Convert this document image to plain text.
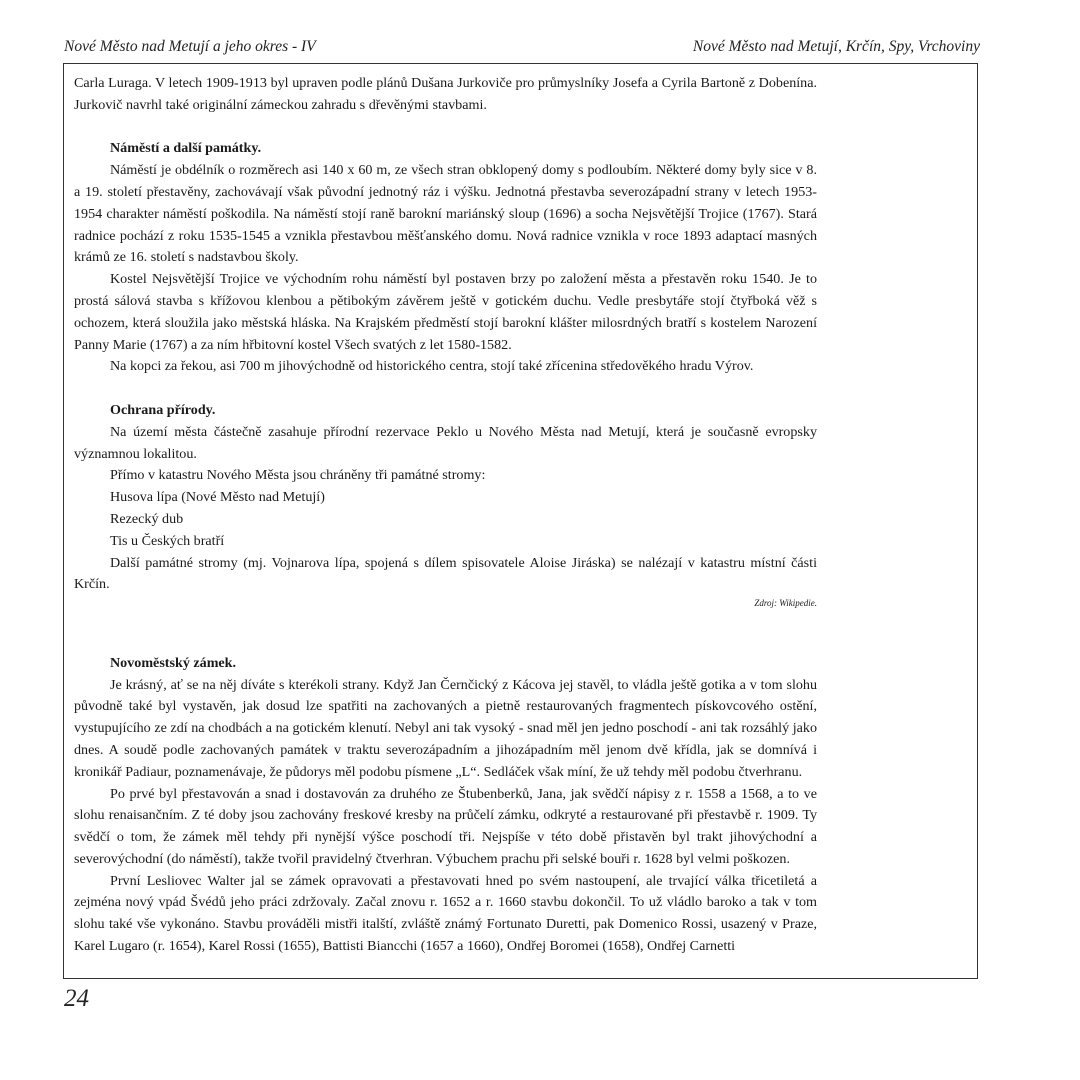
Nové Město nad Metují a jeho okres - IV	Nové Město nad Metují, Krčín, Spy, Vrchoviny

Carla Luraga. V letech 1909-1913 byl upraven podle plánů Dušana Jurkoviče pro průmyslníky Josefa a Cyrila Bartoně z Dobenína. Jurkovič navrhl také originální zámeckou zahradu s dřevěnými stavbami.

Náměstí a další památky.

Náměstí je obdélník o rozměrech asi 140 x 60 m, ze všech stran obklopený domy s podloubím. Některé domy byly sice v 8. a 19. století přestavěny, zachovávají však původní jednotný ráz i výšku. Jednotná přestavba severozápadní strany v letech 1953-1954 charakter náměstí poškodila. Na náměstí stojí raně barokní mariánský sloup (1696) a socha Nejsvětější Trojice (1767). Stará radnice pochází z roku 1535-1545 a vznikla přestavbou měšťanského domu. Nová radnice vznikla v roce 1893 adaptací masných krámů ze 16. století s nadstavbou školy.

Kostel Nejsvětější Trojice ve východním rohu náměstí byl postaven brzy po založení města a přestavěn roku 1540. Je to prostá sálová stavba s křížovou klenbou a pětibokým závěrem ještě v gotickém duchu. Vedle presbytáře stojí čtyřboká věž s ochozem, která sloužila jako městská hláska. Na Krajském předměstí stojí barokní klášter milosrdných bratří s kostelem Narození Panny Marie (1767) a za ním hřbitovní kostel Všech svatých z let 1580-1582.

Na kopci za řekou, asi 700 m jihovýchodně od historického centra, stojí také zřícenina středověkého hradu Výrov.

Ochrana přírody.

Na území města částečně zasahuje přírodní rezervace Peklo u Nového Města nad Metují, která je současně evropsky významnou lokalitou.

Přímo v katastru Nového Města jsou chráněny tři památné stromy:

Husova lípa (Nové Město nad Metují)

Rezecký dub

Tis u Českých bratří

Další památné stromy (mj. Vojnarova lípa, spojená s dílem spisovatele Aloise Jiráska) se nalézají v katastru místní části Krčín.

Zdroj: Wikipedie.
Novoměstský zámek.

Je krásný, ať se na něj díváte s kterékoli strany. Když Jan Černčický z Kácova jej stavěl, to vládla ještě gotika a v tom slohu původně také byl vystavěn, jak dosud lze spatřiti na zachovaných a pietně restaurovaných fragmentech pískovcového ostění, vystupujícího ze zdí na chodbách a na gotickém klenutí. Nebyl ani tak vysoký - snad měl jen jedno poschodí - ani tak rozsáhlý jako dnes. A soudě podle zachovaných památek v traktu severozápadním a jihozápadním měl jenom dvě křídla, jak se domnívá i kronikář Padiaur, poznamenávaje, že půdorys měl podobu písmene „L“. Sedláček však míní, že už tehdy měl podobu čtverhranu.

Po prvé byl přestavován a snad i dostavován za druhého ze Štubenberků, Jana, jak svědčí nápisy z r. 1558 a 1568, a to ve slohu renaisančním. Z té doby jsou zachovány freskové kresby na průčelí zámku, odkryté a restaurované při přestavbě r. 1909. Ty svědčí o tom, že zámek měl tehdy při nynější výšce poschodí tři. Nejspíše v této době přistavěn byl trakt jihovýchodní a severovýchodní (do náměstí), takže tvořil pravidelný čtverhran. Výbuchem prachu při selské bouři r. 1628 byl velmi poškozen.

První Lesliovec Walter jal se zámek opravovati a přestavovati hned po svém nastoupení, ale trvající válka třicetiletá a zejména nový vpád Švédů jeho práci zdržovaly. Začal znovu r. 1652 a r. 1660 stavbu dokončil. To už vládlo baroko a tak v tom slohu také vše vykonáno. Stavbu prováděli mistři italští, zvláště známý Fortunato Duretti, pak Domenico Rossi, usazený v Praze, Karel Lugaro (r. 1654), Karel Rossi (1655), Battisti Biancchi (1657 a 1660), Ondřej Boromei (1658), Ondřej Carnetti

24
